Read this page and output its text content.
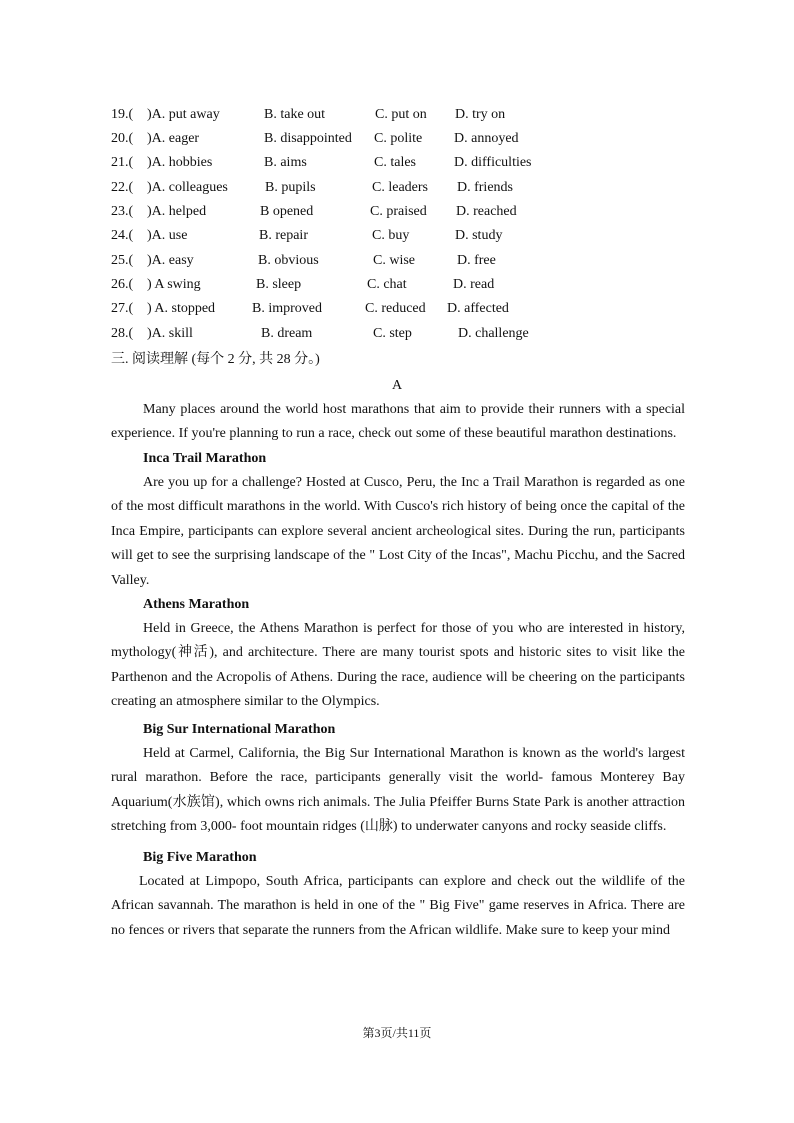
19.( )A. put away	B. take out	C. put on D. try on
20.( )A. eager	B. disappointed C. polite D. annoyed
21.( )A. hobbies	B. aims	C. tales	D. difficulties
22.( )A. colleagues	B. pupils	C. leaders D. friends
23.( )A. helped	B opened	C. praised D. reached
24.( )A. use	B. repair	C. buy	D. study
25.( )A. easy	B. obvious	C. wise	D. free
26.( ) A swing	B. sleep	C. chat	D. read
27.( ) A. stopped	B. improved	C. reduced D. affected
28.( )A. skill	B. dream	C. step	D. challenge
三. 阅读理解 (每个 2 分, 共 28 分。)
A

Many places around the world host marathons that aim to provide their runners with a special experience. If you're planning to run a race, check out some of these beautiful marathon destinations.

Inca Trail Marathon

Are you up for a challenge? Hosted at Cusco, Peru, the Inc a Trail Marathon is regarded as one of the most difficult marathons in the world. With Cusco's rich history of being once the capital of the Inca Empire, participants can explore several ancient archeological sites. During the run, participants will get to see the surprising landscape of the " Lost City of the Incas", Machu Picchu, and the Sacred Valley.

Athens Marathon

Held in Greece, the Athens Marathon is perfect for those of you who are interested in history, mythology(神活), and architecture. There are many tourist spots and historic sites to visit like the Parthenon and the Acropolis of Athens. During the race, audience will be cheering on the participants creating an atmosphere similar to the Olympics.

Big Sur International Marathon

Held at Carmel, California, the Big Sur International Marathon is known as the world's largest rural marathon. Before the race, participants generally visit the world- famous Monterey Bay Aquarium(水族馆), which owns rich animals. The Julia Pfeiffer Burns State Park is another attraction stretching from 3,000- foot mountain ridges (山脉) to underwater canyons and rocky seaside cliffs.

Big Five Marathon

Located at Limpopo, South Africa, participants can explore and check out the wildlife of the African savannah. The marathon is held in one of the " Big Five" game reserves in Africa. There are no fences or rivers that separate the runners from the African wildlife. Make sure to keep your mind

第3页/共11页
